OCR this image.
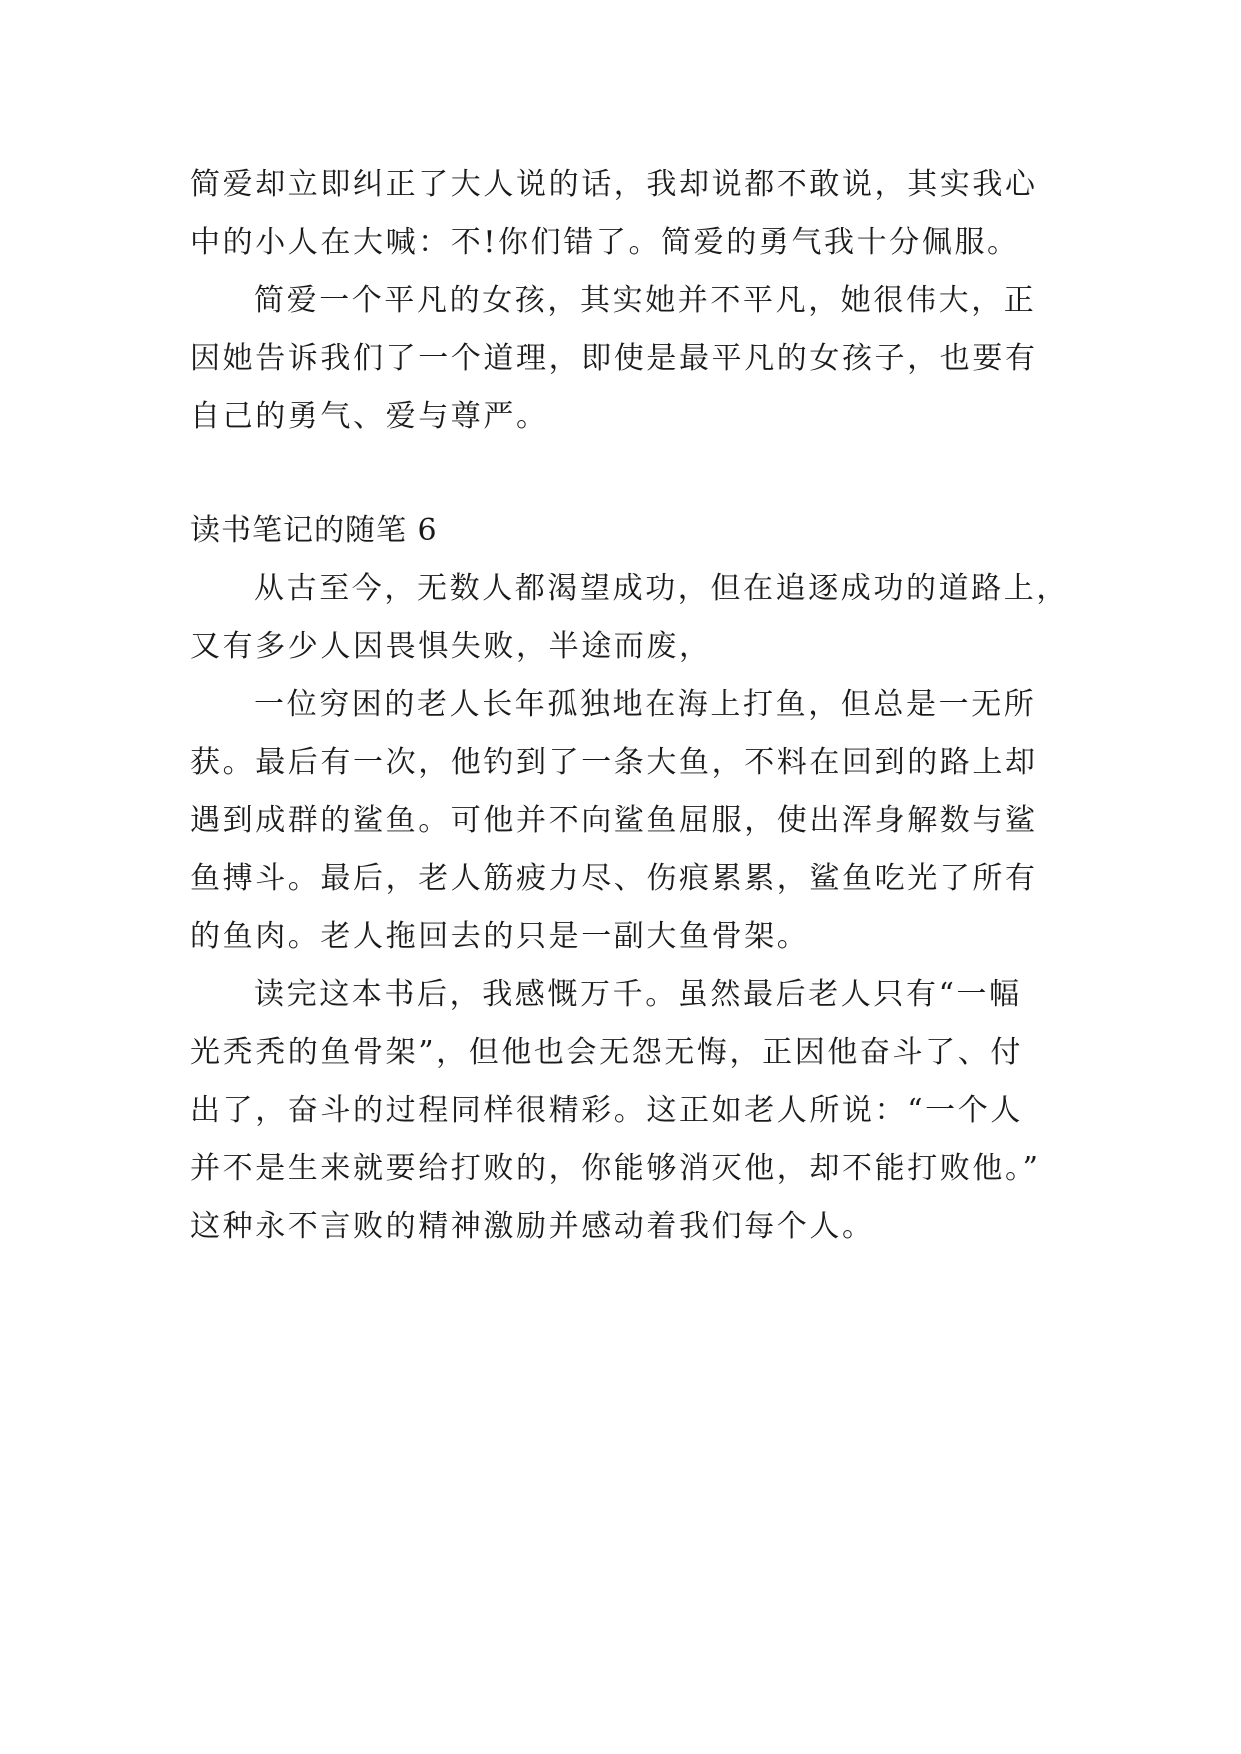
简爱却立即纠正了大人说的话，我却说都不敢说，其实我心
中的小人在大喊：不!你们错了。简爱的勇气我十分佩服。
简爱一个平凡的女孩，其实她并不平凡，她很伟大，正
因她告诉我们了一个道理，即使是最平凡的女孩子，也要有
自己的勇气、爱与尊严。
读书笔记的随笔 6
从古至今，无数人都渴望成功，但在追逐成功的道路上，
又有多少人因畏惧失败，半途而废，
一位穷困的老人长年孤独地在海上打鱼，但总是一无所
获。最后有一次，他钓到了一条大鱼，不料在回到的路上却
遇到成群的鲨鱼。可他并不向鲨鱼屈服，使出浑身解数与鲨
鱼搏斗。最后，老人筋疲力尽、伤痕累累，鲨鱼吃光了所有
的鱼肉。老人拖回去的只是一副大鱼骨架。
读完这本书后，我感慨万千。虽然最后老人只有“一幅
光秃秃的鱼骨架”，但他也会无怨无悔，正因他奋斗了、付
出了，奋斗的过程同样很精彩。这正如老人所说：“一个人
并不是生来就要给打败的，你能够消灭他，却不能打败他。”
这种永不言败的精神激励并感动着我们每个人。
